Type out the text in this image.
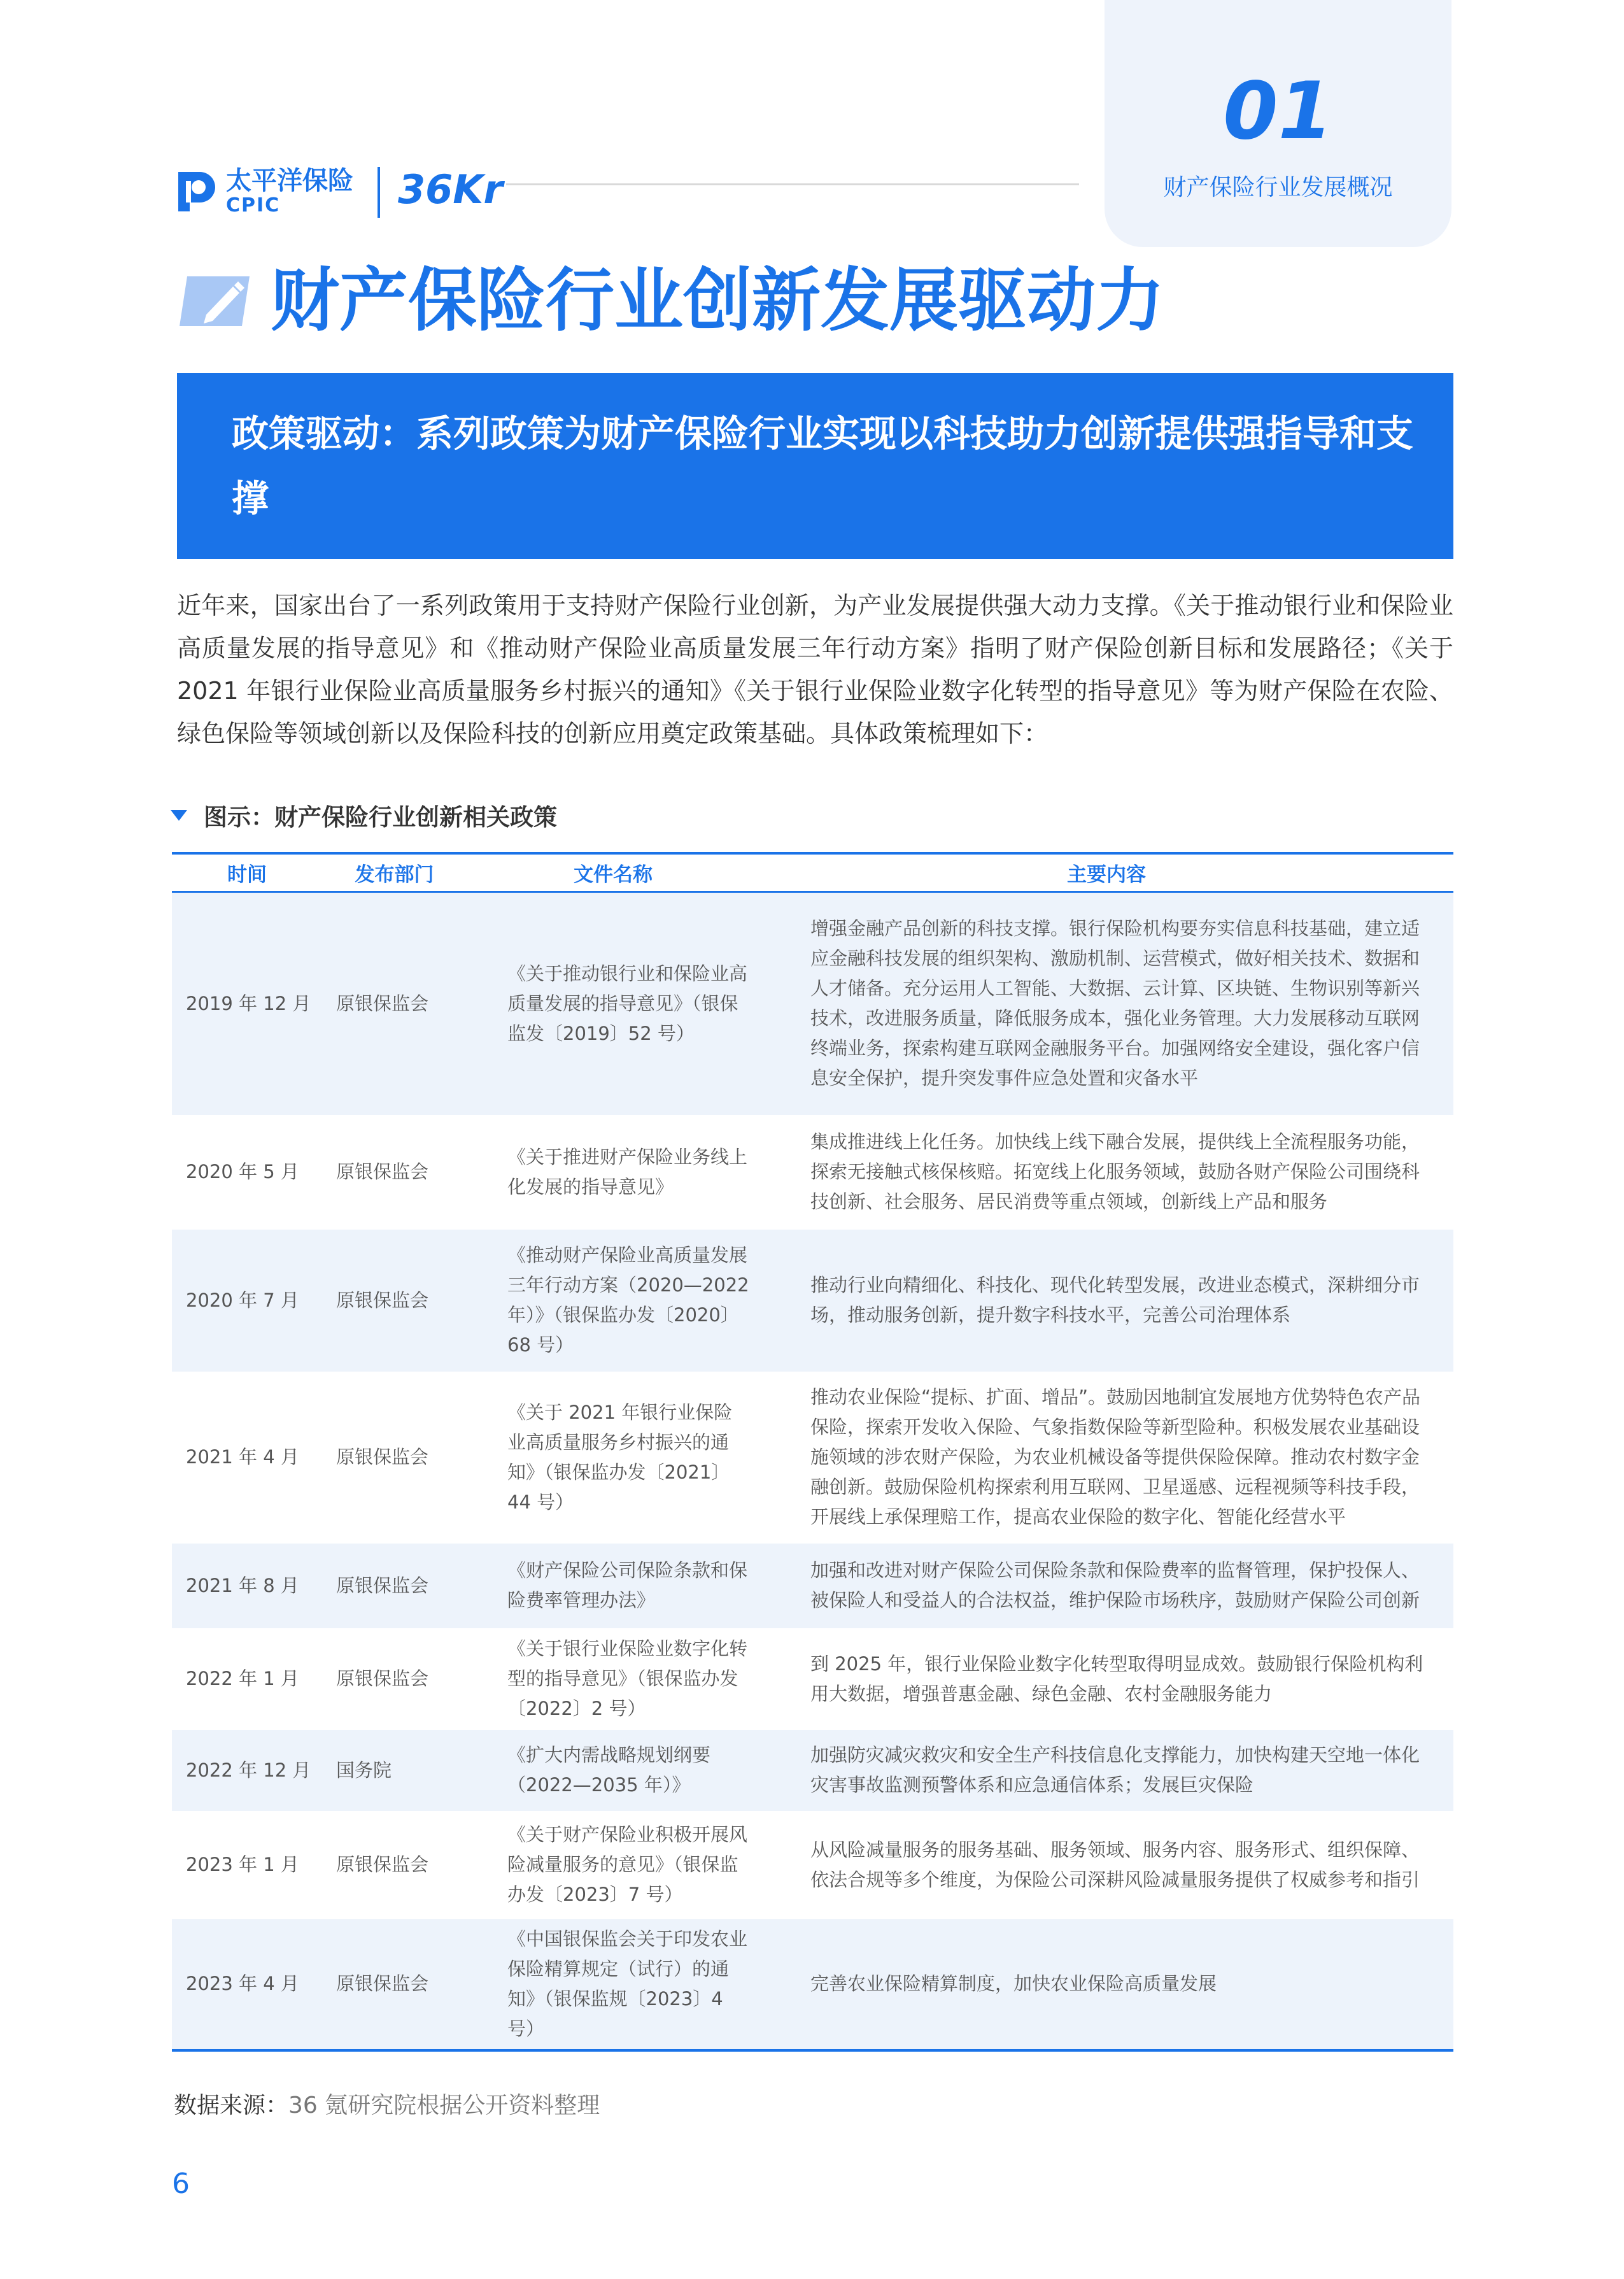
太平洋保险
CPIC	36Kr
01
财产保险行业发展概况
财产保险行业创新发展驱动力
政策驱动：系列政策为财产保险行业实现以科技助力创新提供强指导和支撑
近年来，国家出台了一系列政策用于支持财产保险行业创新，为产业发展提供强大动力支撑。《关于推动银行业和保险业高质量发展的指导意见》和《推动财产保险业高质量发展三年行动方案》指明了财产保险创新目标和发展路径；《关于 2021 年银行业保险业高质量服务乡村振兴的通知》《关于银行业保险业数字化转型的指导意见》等为财产保险在农险、绿色保险等领域创新以及保险科技的创新应用奠定政策基础。具体政策梳理如下：
图示：财产保险行业创新相关政策
时间	发布部门	文件名称	主要内容
2019 年 12 月	原银保监会	《关于推动银行业和保险业高质量发展的指导意见》（银保监发〔2019〕52 号）	增强金融产品创新的科技支撑。银行保险机构要夯实信息科技基础，建立适应金融科技发展的组织架构、激励机制、运营模式，做好相关技术、数据和人才储备。充分运用人工智能、大数据、云计算、区块链、生物识别等新兴技术，改进服务质量，降低服务成本，强化业务管理。大力发展移动互联网终端业务，探索构建互联网金融服务平台。加强网络安全建设，强化客户信息安全保护，提升突发事件应急处置和灾备水平
2020 年 5 月	原银保监会	《关于推进财产保险业务线上化发展的指导意见》	集成推进线上化任务。加快线上线下融合发展，提供线上全流程服务功能，探索无接触式核保核赔。拓宽线上化服务领域，鼓励各财产保险公司围绕科技创新、社会服务、居民消费等重点领域，创新线上产品和服务
2020 年 7 月	原银保监会	《推动财产保险业高质量发展三年行动方案（2020—2022 年）》（银保监办发〔2020〕68 号）	推动行业向精细化、科技化、现代化转型发展，改进业态模式，深耕细分市场，推动服务创新，提升数字科技水平，完善公司治理体系
2021 年 4 月	原银保监会	《关于 2021 年银行业保险业高质量服务乡村振兴的通知》（银保监办发〔2021〕44 号）	推动农业保险“提标、扩面、增品”。鼓励因地制宜发展地方优势特色农产品保险，探索开发收入保险、气象指数保险等新型险种。积极发展农业基础设施领域的涉农财产保险，为农业机械设备等提供保险保障。推动农村数字金融创新。鼓励保险机构探索利用互联网、卫星遥感、远程视频等科技手段，开展线上承保理赔工作，提高农业保险的数字化、智能化经营水平
2021 年 8 月	原银保监会	《财产保险公司保险条款和保险费率管理办法》	加强和改进对财产保险公司保险条款和保险费率的监督管理，保护投保人、被保险人和受益人的合法权益，维护保险市场秩序，鼓励财产保险公司创新
2022 年 1 月	原银保监会	《关于银行业保险业数字化转型的指导意见》（银保监办发〔2022〕2 号）	到 2025 年，银行业保险业数字化转型取得明显成效。鼓励银行保险机构利用大数据，增强普惠金融、绿色金融、农村金融服务能力
2022 年 12 月	国务院	《扩大内需战略规划纲要（2022—2035 年）》	加强防灾减灾救灾和安全生产科技信息化支撑能力，加快构建天空地一体化灾害事故监测预警体系和应急通信体系；发展巨灾保险
2023 年 1 月	原银保监会	《关于财产保险业积极开展风险减量服务的意见》（银保监办发〔2023〕7 号）	从风险减量服务的服务基础、服务领域、服务内容、服务形式、组织保障、依法合规等多个维度，为保险公司深耕风险减量服务提供了权威参考和指引
2023 年 4 月	原银保监会	《中国银保监会关于印发农业保险精算规定（试行）的通知》（银保监规〔2023〕4 号）	完善农业保险精算制度，加快农业保险高质量发展
数据来源：36 氪研究院根据公开资料整理
6
